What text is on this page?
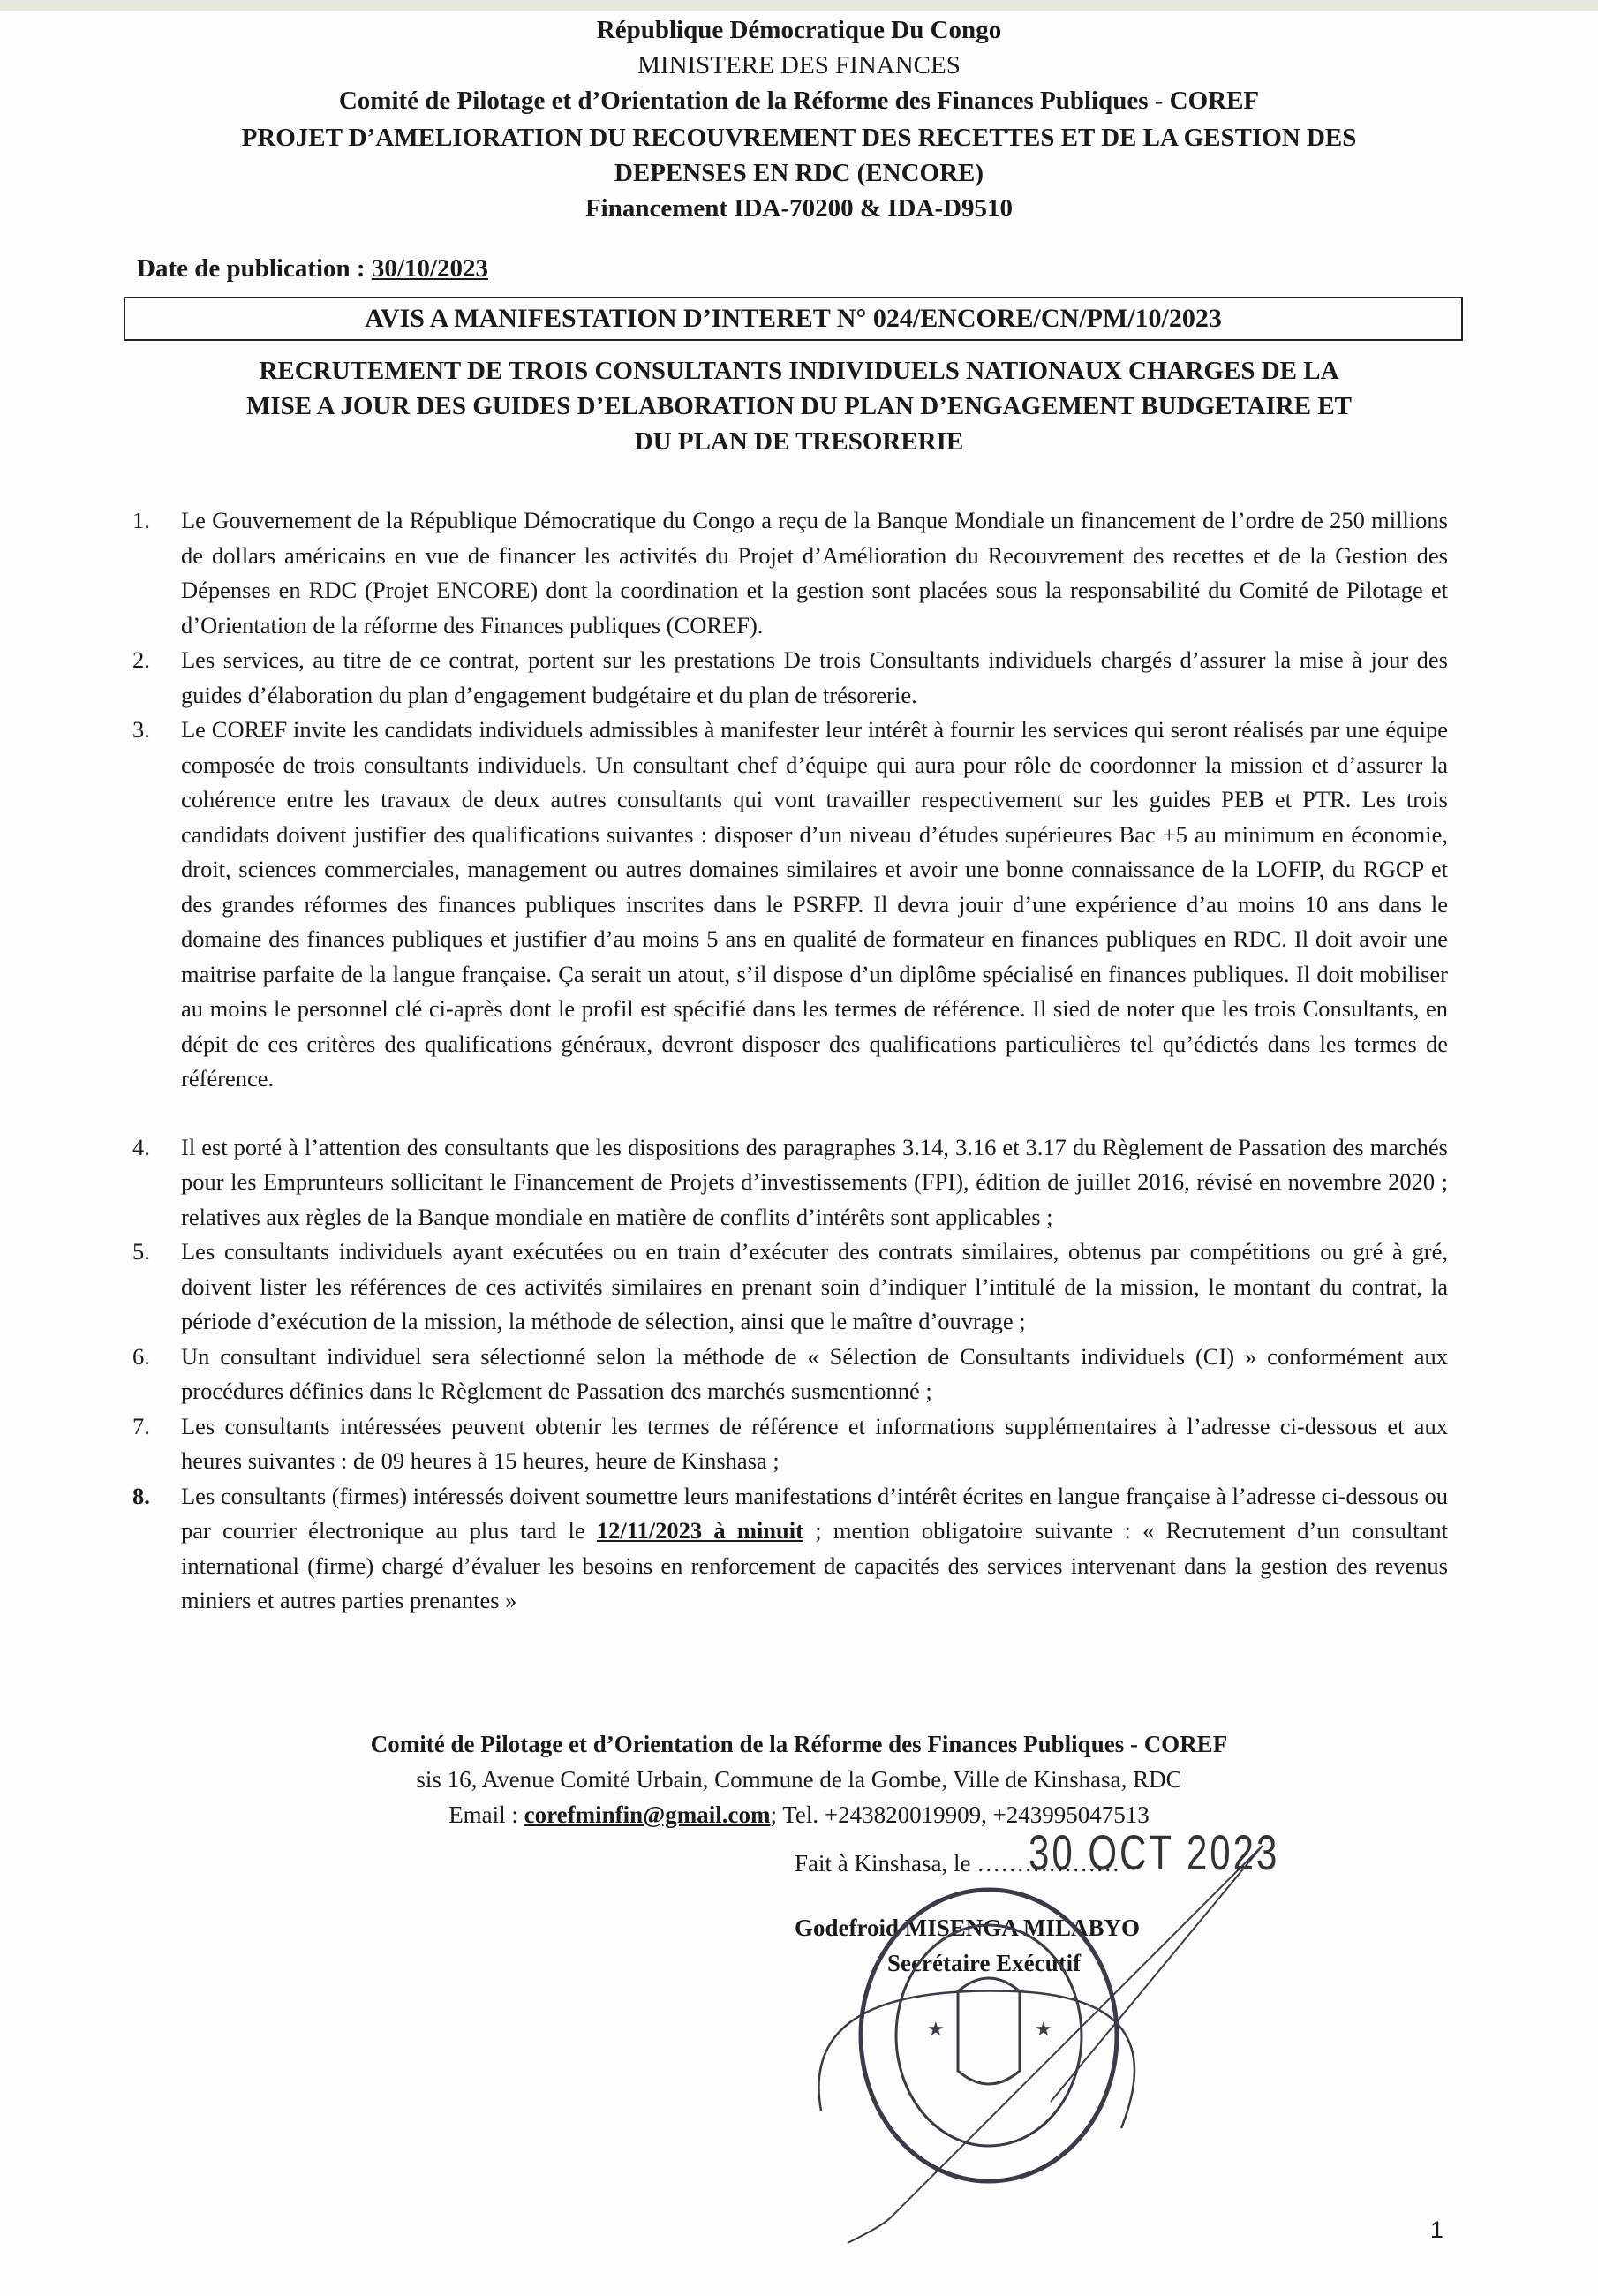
République Démocratique Du Congo
MINISTERE DES FINANCES
Comité de Pilotage et d’Orientation de la Réforme des Finances Publiques - COREF
PROJET D’AMELIORATION DU RECOUVREMENT DES RECETTES ET DE LA GESTION DES
DEPENSES EN RDC (ENCORE)
Financement IDA-70200 & IDA-D9510
Date de publication : 30/10/2023
AVIS A MANIFESTATION D’INTERET N° 024/ENCORE/CN/PM/10/2023
RECRUTEMENT DE TROIS CONSULTANTS INDIVIDUELS NATIONAUX CHARGES DE LA
MISE A JOUR DES GUIDES D’ELABORATION DU PLAN D’ENGAGEMENT BUDGETAIRE ET
DU PLAN DE TRESORERIE
1.	Le Gouvernement de la République Démocratique du Congo a reçu de la Banque Mondiale un financement de l’ordre de 250 millions de dollars américains en vue de financer les activités du Projet d’Amélioration du Recouvrement des recettes et de la Gestion des Dépenses en RDC (Projet ENCORE) dont la coordination et la gestion sont placées sous la responsabilité du Comité de Pilotage et d’Orientation de la réforme des Finances publiques (COREF).
2.	Les services, au titre de ce contrat, portent sur les prestations De trois Consultants individuels chargés d’assurer la mise à jour des guides d’élaboration du plan d’engagement budgétaire et du plan de trésorerie.
3.	Le COREF invite les candidats individuels admissibles à manifester leur intérêt à fournir les services qui seront réalisés par une équipe composée de trois consultants individuels. Un consultant chef d’équipe qui aura pour rôle de coordonner la mission et d’assurer la cohérence entre les travaux de deux autres consultants qui vont travailler respectivement sur les guides PEB et PTR. Les trois candidats doivent justifier des qualifications suivantes : disposer d’un niveau d’études supérieures Bac +5 au minimum en économie, droit, sciences commerciales, management ou autres domaines similaires et avoir une bonne connaissance de la LOFIP, du RGCP et des grandes réformes des finances publiques inscrites dans le PSRFP. Il devra jouir d’une expérience d’au moins 10 ans dans le domaine des finances publiques et justifier d’au moins 5 ans en qualité de formateur en finances publiques en RDC. Il doit avoir une maitrise parfaite de la langue française. Ça serait un atout, s’il dispose d’un diplôme spécialisé en finances publiques. Il doit mobiliser au moins le personnel clé ci-après dont le profil est spécifié dans les termes de référence. Il sied de noter que les trois Consultants, en dépit de ces critères des qualifications généraux, devront disposer des qualifications particulières tel qu’édictés dans les termes de référence.
4.	Il est porté à l’attention des consultants que les dispositions des paragraphes 3.14, 3.16 et 3.17 du Règlement de Passation des marchés pour les Emprunteurs sollicitant le Financement de Projets d’investissements (FPI), édition de juillet 2016, révisé en novembre 2020 ; relatives aux règles de la Banque mondiale en matière de conflits d’intérêts sont applicables ;
5.	Les consultants individuels ayant exécutées ou en train d’exécuter des contrats similaires, obtenus par compétitions ou gré à gré, doivent lister les références de ces activités similaires en prenant soin d’indiquer l’intitulé de la mission, le montant du contrat, la période d’exécution de la mission, la méthode de sélection, ainsi que le maître d’ouvrage ;
6.	Un consultant individuel sera sélectionné selon la méthode de « Sélection de Consultants individuels (CI) » conformément aux procédures définies dans le Règlement de Passation des marchés susmentionné ;
7.	Les consultants intéressées peuvent obtenir les termes de référence et informations supplémentaires à l’adresse ci-dessous et aux heures suivantes : de 09 heures à 15 heures, heure de Kinshasa ;
8.	Les consultants (firmes) intéressés doivent soumettre leurs manifestations d’intérêt écrites en langue française à l’adresse ci-dessous ou par courrier électronique au plus tard le 12/11/2023 à minuit ; mention obligatoire suivante : « Recrutement d’un consultant international (firme) chargé d’évaluer les besoins en renforcement de capacités des services intervenant dans la gestion des revenus miniers et autres parties prenantes »
Comité de Pilotage et d’Orientation de la Réforme des Finances Publiques - COREF
sis 16, Avenue Comité Urbain, Commune de la Gombe, Ville de Kinshasa, RDC
Email : corefminfin@gmail.com; Tel. +243820019909, +243995047513
Fait à Kinshasa, le ………………
30 OCT 2023
Godefroid MISENGA MILABYO
Secrétaire Exécutif
★	★
1
